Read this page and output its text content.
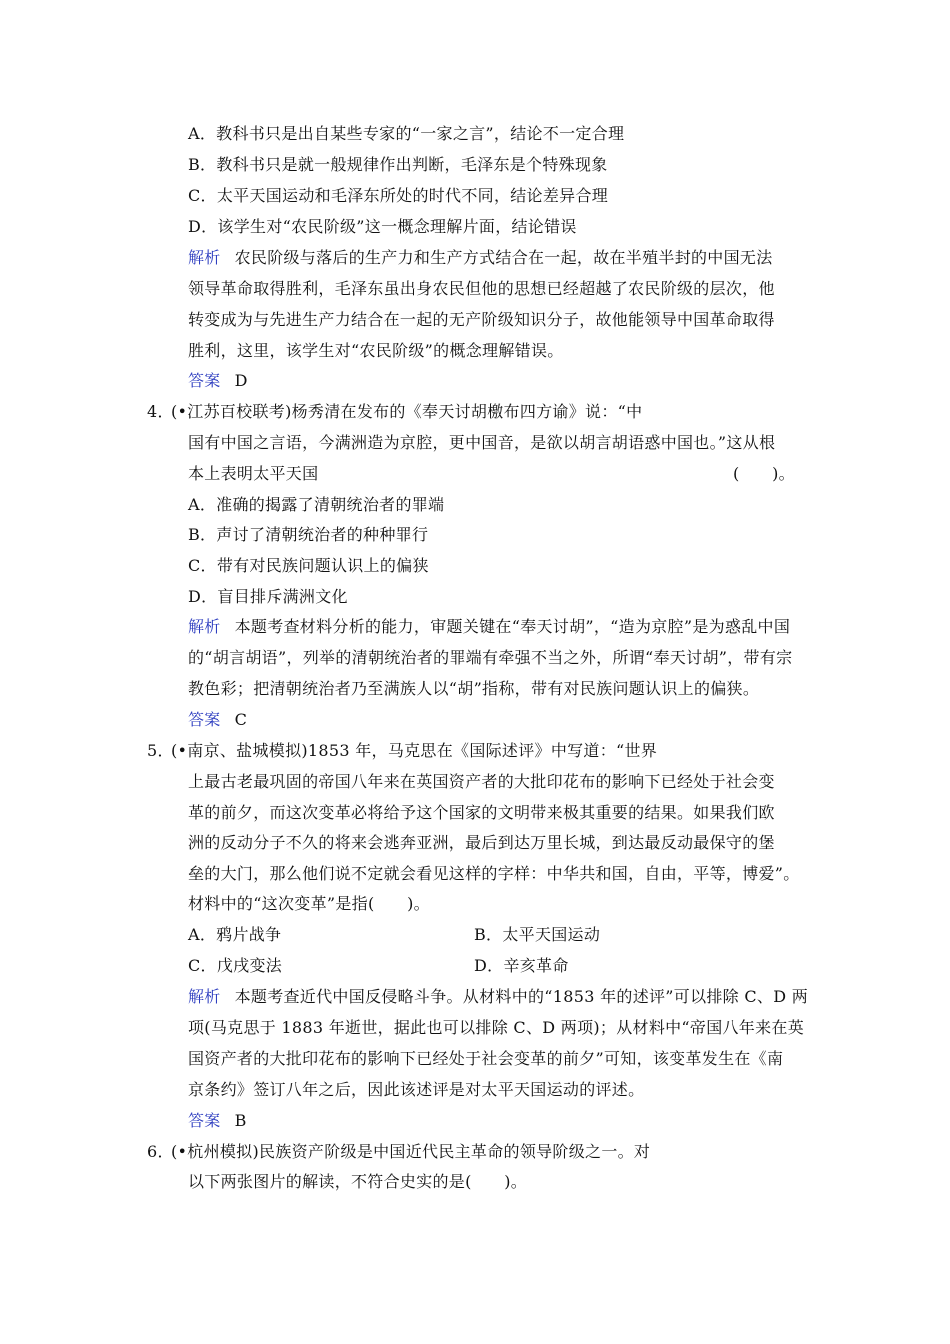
A．教科书只是出自某些专家的“一家之言”，结论不一定合理
B．教科书只是就一般规律作出判断，毛泽东是个特殊现象
C．太平天国运动和毛泽东所处的时代不同，结论差异合理
D．该学生对“农民阶级”这一概念理解片面，结论错误
解析 农民阶级与落后的生产力和生产方式结合在一起，故在半殖半封的中国无法
领导革命取得胜利，毛泽东虽出身农民但他的思想已经超越了农民阶级的层次，他
转变成为与先进生产力结合在一起的无产阶级知识分子，故他能领导中国革命取得
胜利，这里，该学生对“农民阶级”的概念理解错误。
答案 D
4．
(•江苏百校联考)杨秀清在发布的《奉天讨胡檄布四方谕》说：“中
国有中国之言语，今满洲造为京腔，更中国音，是欲以胡言胡语惑中国也。”这从根
本上表明太平天国	(　　)。
A．准确的揭露了清朝统治者的罪端
B．声讨了清朝统治者的种种罪行
C．带有对民族问题认识上的偏狭
D．盲目排斥满洲文化
解析 本题考查材料分析的能力，审题关键在“奉天讨胡”，“造为京腔”是为惑乱中国
的“胡言胡语”，列举的清朝统治者的罪端有牵强不当之外，所谓“奉天讨胡”，带有宗
教色彩；把清朝统治者乃至满族人以“胡”指称，带有对民族问题认识上的偏狭。
答案 C
5．
(•南京、盐城模拟)1853 年，马克思在《国际述评》中写道：“世界
上最古老最巩固的帝国八年来在英国资产者的大批印花布的影响下已经处于社会变
革的前夕，而这次变革必将给予这个国家的文明带来极其重要的结果。如果我们欧
洲的反动分子不久的将来会逃奔亚洲，最后到达万里长城，到达最反动最保守的堡
垒的大门，那么他们说不定就会看见这样的字样：中华共和国，自由，平等，博爱”。
材料中的“这次变革”是指(　　)。
A．鸦片战争	B．太平天国运动
C．戊戌变法	D．辛亥革命
解析 本题考查近代中国反侵略斗争。从材料中的“1853 年的述评”可以排除 C、D 两
项(马克思于 1883 年逝世，据此也可以排除 C、D 两项)；从材料中“帝国八年来在英
国资产者的大批印花布的影响下已经处于社会变革的前夕”可知，该变革发生在《南
京条约》签订八年之后，因此该述评是对太平天国运动的评述。
答案 B
6．
(•杭州模拟)民族资产阶级是中国近代民主革命的领导阶级之一。对
以下两张图片的解读，不符合史实的是(　　)。
